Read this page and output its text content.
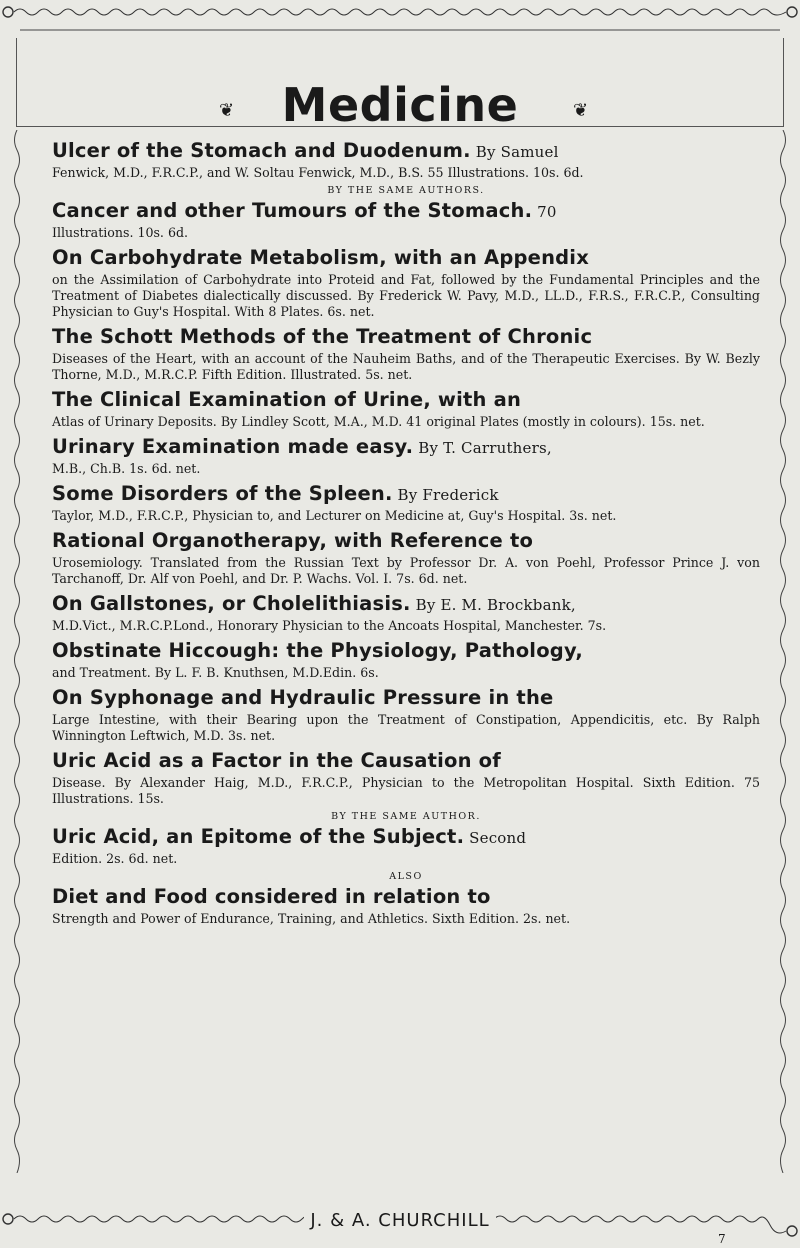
❦	Medicine	❦
Ulcer of the Stomach and Duodenum. By Samuel
Fenwick, M.D., F.R.C.P., and W. Soltau Fenwick, M.D., B.S. 55 Illustrations. 10s. 6d.
BY THE SAME AUTHORS.
Cancer and other Tumours of the Stomach. 70
Illustrations. 10s. 6d.
On Carbohydrate Metabolism, with an Appendix
on the Assimilation of Carbohydrate into Proteid and Fat, followed by the Fundamental Principles and the Treatment of Diabetes dialectically discussed. By Frederick W. Pavy, M.D., LL.D., F.R.S., F.R.C.P., Consulting Physician to Guy's Hospital. With 8 Plates. 6s. net.
The Schott Methods of the Treatment of Chronic
Diseases of the Heart, with an account of the Nauheim Baths, and of the Therapeutic Exercises. By W. Bezly Thorne, M.D., M.R.C.P. Fifth Edition. Illustrated. 5s. net.
The Clinical Examination of Urine, with an
Atlas of Urinary Deposits. By Lindley Scott, M.A., M.D. 41 original Plates (mostly in colours). 15s. net.
Urinary Examination made easy. By T. Carruthers,
M.B., Ch.B. 1s. 6d. net.
Some Disorders of the Spleen. By Frederick
Taylor, M.D., F.R.C.P., Physician to, and Lecturer on Medicine at, Guy's Hospital. 3s. net.
Rational Organotherapy, with Reference to
Urosemiology. Translated from the Russian Text by Professor Dr. A. von Poehl, Professor Prince J. von Tarchanoff, Dr. Alf von Poehl, and Dr. P. Wachs. Vol. I. 7s. 6d. net.
On Gallstones, or Cholelithiasis. By E. M. Brockbank,
M.D.Vict., M.R.C.P.Lond., Honorary Physician to the Ancoats Hospital, Manchester. 7s.
Obstinate Hiccough: the Physiology, Pathology,
and Treatment. By L. F. B. Knuthsen, M.D.Edin. 6s.
On Syphonage and Hydraulic Pressure in the
Large Intestine, with their Bearing upon the Treatment of Constipation, Appendicitis, etc. By Ralph Winnington Leftwich, M.D. 3s. net.
Uric Acid as a Factor in the Causation of
Disease. By Alexander Haig, M.D., F.R.C.P., Physician to the Metropolitan Hospital. Sixth Edition. 75 Illustrations. 15s.
BY THE SAME AUTHOR.
Uric Acid, an Epitome of the Subject. Second
Edition. 2s. 6d. net.
ALSO
Diet and Food considered in relation to
Strength and Power of Endurance, Training, and Athletics. Sixth Edition. 2s. net.
J. & A. CHURCHILL
7
